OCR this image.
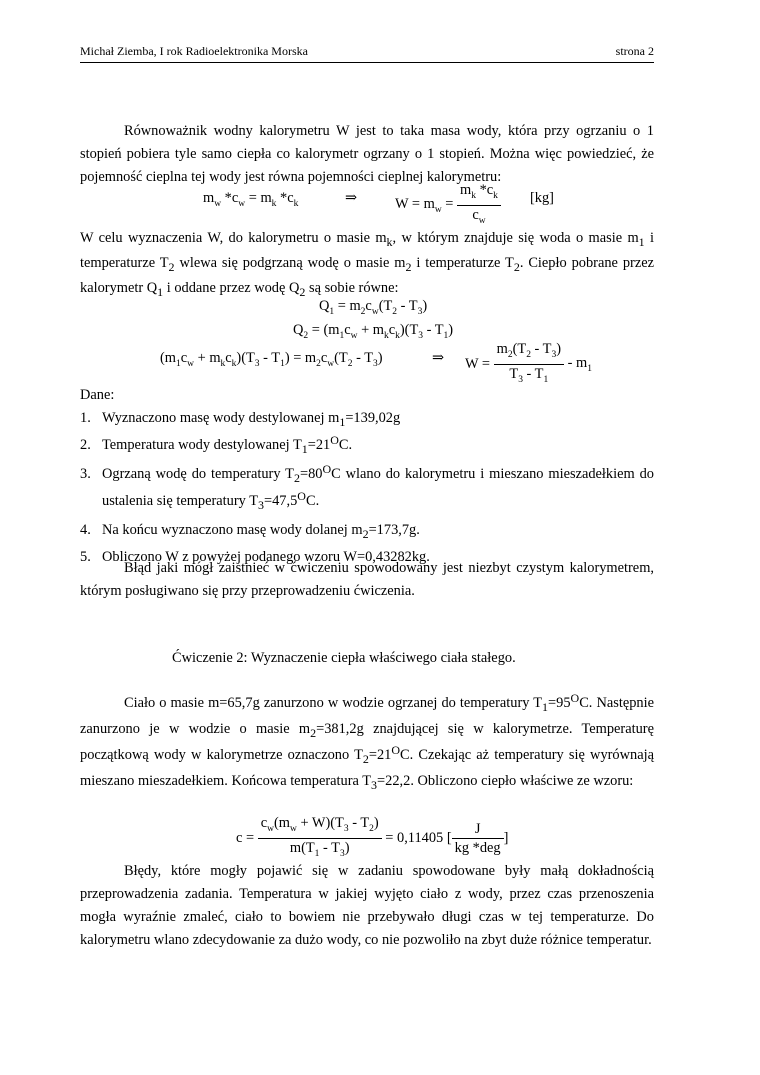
Michał Ziemba, I rok Radioelektronika Morska	strona 2

Równoważnik wodny kalorymetru W jest to taka masa wody, która przy ogrzaniu o 1 stopień pobiera tyle samo ciepła co kalorymetr ogrzany o 1 stopień. Można więc powiedzieć, że pojemność cieplna tej wody jest równa pojemności cieplnej kalorymetru:

$m_w$ $*c_w = m_k$ $*c_k$	⇒	$W = m_w = \frac{m_k *c_k}{c_w} [kg]$

W celu wyznaczenia W, do kalorymetru o masie $m_k$, w którym znajduje się woda o masie $m_1$ i temperaturze $T_2$ wlewa się podgrzaną wodę o masie $m_2$ i temperaturze $T_2$. Ciepło pobrane przez kalorymetr $Q_1$ i oddane przez wodę $Q_2$ są sobie równe:

$Q_1 = m_2c_w(T_2 - T_3)$
$Q_2 = (m_1c_w + m_kc_k)(T_3 - T_1)$
$(m_1c_w + m_kc_k)(T_3 - T_1) = m_2c_w(T_2 - T_3)$	⇒ $W = \frac{m_2(T_2 - T_3)}{T_3 - T_1} - m_1$
Dane:
1. Wyznaczono masę wody destylowanej $m_1=139,02g$
2. Temperatura wody destylowanej $T_1=21^OC$.
3. Ogrzaną wodę do temperatury $T_2=80^OC$ wlano do kalorymetru i mieszano mieszadełkiem do ustalenia się temperatury $T_3=47,5^OC$.
4. Na końcu wyznaczono masę wody dolanej $m_2=173,7g$.
5. Obliczono W z powyżej podanego wzoru W=0,43282kg.

Błąd jaki mógł zaistnieć w ćwiczeniu spowodowany jest niezbyt czystym kalorymetrem, którym posługiwano się przy przeprowadzeniu ćwiczenia.

Ćwiczenie 2: Wyznaczenie ciepła właściwego ciała stałego.

Ciało o masie m=65,7g zanurzono w wodzie ogrzanej do temperatury $T_1=95^OC$. Następnie zanurzono je w wodzie o masie $m_2=381,2g$ znajdującej się w kalorymetrze. Temperaturę początkową wody w kalorymetrze oznaczono $T_2=21^OC$. Czekając aż temperatury się wyrównają mieszano mieszadełkiem. Końcowa temperatura $T_3=22,2$. Obliczono ciepło właściwe ze wzoru:

$c = \frac{c_w(m_w + W)(T_3 - T_2)}{m(T_1 - T_3)} = 0,11405$ [ $\frac{J}{\text{kg *deg}}$ ]

Błędy, które mogły pojawić się w zadaniu spowodowane były małą dokładnością przeprowadzenia zadania. Temperatura w jakiej wyjęto ciało z wody, przez czas przenoszenia mogła wyraźnie zmaleć, ciało to bowiem nie przebywało długi czas w tej temperaturze. Do kalorymetru wlano zdecydowanie za dużo wody, co nie pozwoliło na zbyt duże różnice temperatur.
